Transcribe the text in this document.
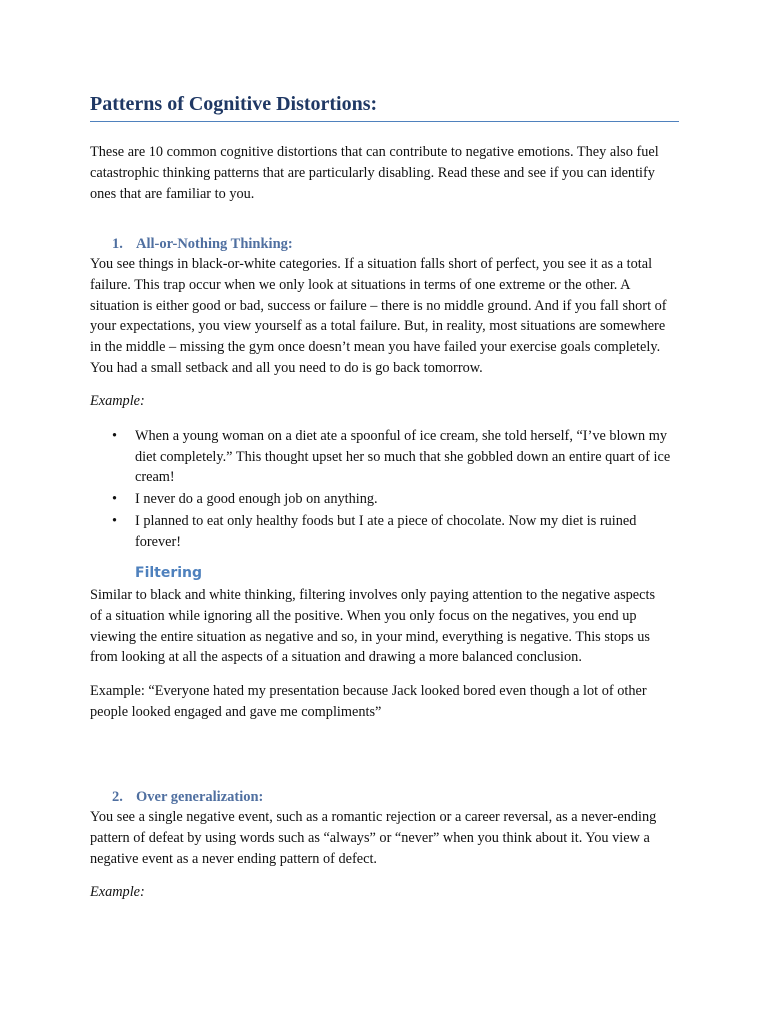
Patterns of Cognitive Distortions:

These are 10 common cognitive distortions that can contribute to negative emotions. They also fuel catastrophic thinking patterns that are particularly disabling. Read these and see if you can identify ones that are familiar to you.

1. All-or-Nothing Thinking:

You see things in black-or-white categories. If a situation falls short of perfect, you see it as a total failure. This trap occur when we only look at situations in terms of one extreme or the other. A situation is either good or bad, success or failure – there is no middle ground. And if you fall short of your expectations, you view yourself as a total failure. But, in reality, most situations are somewhere in the middle – missing the gym once doesn’t mean you have failed your exercise goals completely. You had a small setback and all you need to do is go back tomorrow.

Example:

• When a young woman on a diet ate a spoonful of ice cream, she told herself, “I’ve blown my diet completely.” This thought upset her so much that she gobbled down an entire quart of ice cream!
• I never do a good enough job on anything.
• I planned to eat only healthy foods but I ate a piece of chocolate. Now my diet is ruined forever!
Filtering

Similar to black and white thinking, filtering involves only paying attention to the negative aspects of a situation while ignoring all the positive. When you only focus on the negatives, you end up viewing the entire situation as negative and so, in your mind, everything is negative. This stops us from looking at all the aspects of a situation and drawing a more balanced conclusion.

Example: “Everyone hated my presentation because Jack looked bored even though a lot of other people looked engaged and gave me compliments”

2. Over generalization:

You see a single negative event, such as a romantic rejection or a career reversal, as a never-ending pattern of defeat by using words such as “always” or “never” when you think about it. You view a negative event as a never ending pattern of defect.

Example:
